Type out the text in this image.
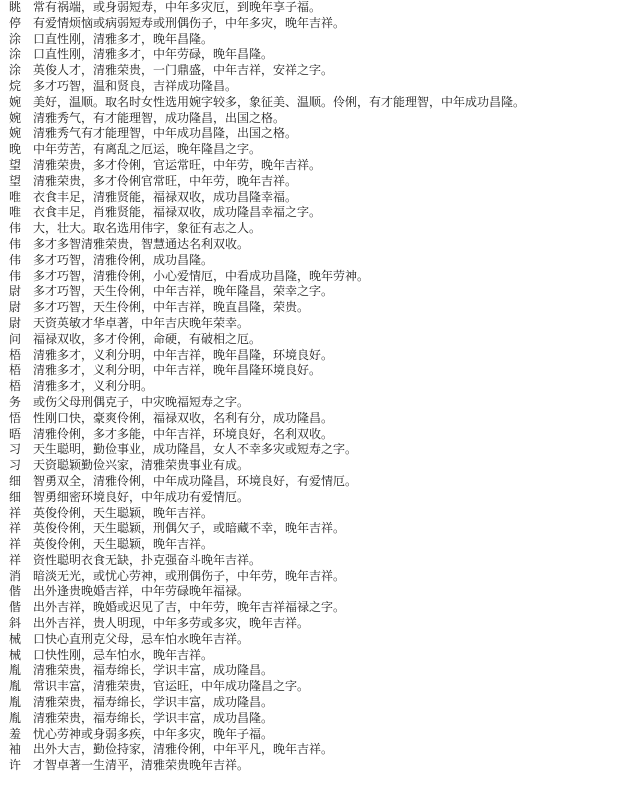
眺 常有祸端，或身弱短寿，中年多灾厄，到晚年享子福。
停 有爱情烦恼或病弱短寿或刑偶伤子，中年多灾，晚年吉祥。
涂 口直性刚，清雅多才，晚年昌隆。
涂 口直性刚，清雅多才，中年劳碌，晚年昌隆。
涂 英俊人才，清雅荣贵，一门鼎盛，中年吉祥，安祥之字。
烷 多才巧智，温和贤良，吉祥成功隆昌。
婉 美好，温顺。取名时女性选用婉字较多，象征美、温顺。伶俐，有才能理智，中年成功昌隆。
婉 清雅秀气，有才能理智，成功隆昌，出国之格。
婉 清雅秀气有才能理智，中年成功昌隆，出国之格。
晚 中年劳苦，有离乱之厄运，晚年隆昌之字。
望 清雅荣贵，多才伶俐，官运常旺，中年劳，晚年吉祥。
望 清雅荣贵，多才伶俐官常旺，中年劳，晚年吉祥。
唯 衣食丰足，清雅贤能，福禄双收，成功昌隆幸福。
唯 衣食丰足，肖雅贤能，福禄双收，成功隆昌幸福之字。
伟 大，壮大。取名选用伟字，象征有志之人。
伟 多才多智清雅荣贵，智慧通达名利双收。
伟 多才巧智，清雅伶俐，成功昌隆。
伟 多才巧智，清雅伶俐，小心爱情厄，中看成功昌隆，晚年劳神。
尉 多才巧智，天生伶俐，中年吉祥，晚年隆昌，荣幸之字。
尉 多才巧智，天生伶俐，中年吉祥，晚直昌隆，荣贵。
尉 天资英敏才华卓著，中年吉庆晚年荣幸。
问 福禄双收，多才伶俐，命硬，有破相之厄。
梧 清雅多才，义利分明，中年吉祥，晚年昌隆，环境良好。
梧 清雅多才，义利分明，中年吉祥，晚年昌隆环境良好。
梧 清雅多才，义利分明。
务 或伤父母刑偶克子，中灾晚福短寿之字。
悟 性刚口快，豪爽伶俐，福禄双收，名利有分，成功隆昌。
晤 清雅伶俐，多才多能，中年吉祥，环境良好，名利双收。
习 天生聪明，勤俭事业，成功隆昌，女人不幸多灾或短寿之字。
习 天资聪颖勤俭兴家，清雅荣贵事业有成。
细 智勇双全，清雅伶俐，中年成功隆昌，环境良好，有爱情厄。
细 智勇细密环境良好，中年成功有爱情厄。
祥 英俊伶俐，天生聪颖，晚年吉祥。
祥 英俊伶俐，天生聪颖，刑偶欠子，或暗藏不幸，晚年吉祥。
祥 英俊伶俐，天生聪颖，晚年吉祥。
祥 资性聪明衣食无缺，扑克强奋斗晚年吉祥。
消 暗淡无光，或忧心劳神，或刑偶伤子，中年劳，晚年吉祥。
偕 出外逢贵晚婚吉祥，中年劳碌晚年福禄。
偕 出外吉祥，晚婚或迟见了吉，中年劳，晚年吉祥福禄之字。
斜 出外吉祥，贵人明现，中年多劳或多灾，晚年吉祥。
械 口快心直刑克父母，忌车怕水晚年吉祥。
械 口快性刚，忌车怕水，晚年吉祥。
胤 清雅荣贵，福寿绵长，学识丰富，成功隆昌。
胤 常识丰富，清雅荣贵，官运旺，中年成功隆昌之字。
胤 清雅荣贵，福寿绵长，学识丰富，成功隆昌。
胤 清雅荣贵，福寿绵长，学识丰富，成功昌隆。
羞 忧心劳神或身弱多疾，中年多灾，晚年子福。
袖 出外大吉，勤俭持家，清雅伶俐，中年平凡，晚年吉祥。
许 才智卓著一生清平，清雅荣贵晚年吉祥。
